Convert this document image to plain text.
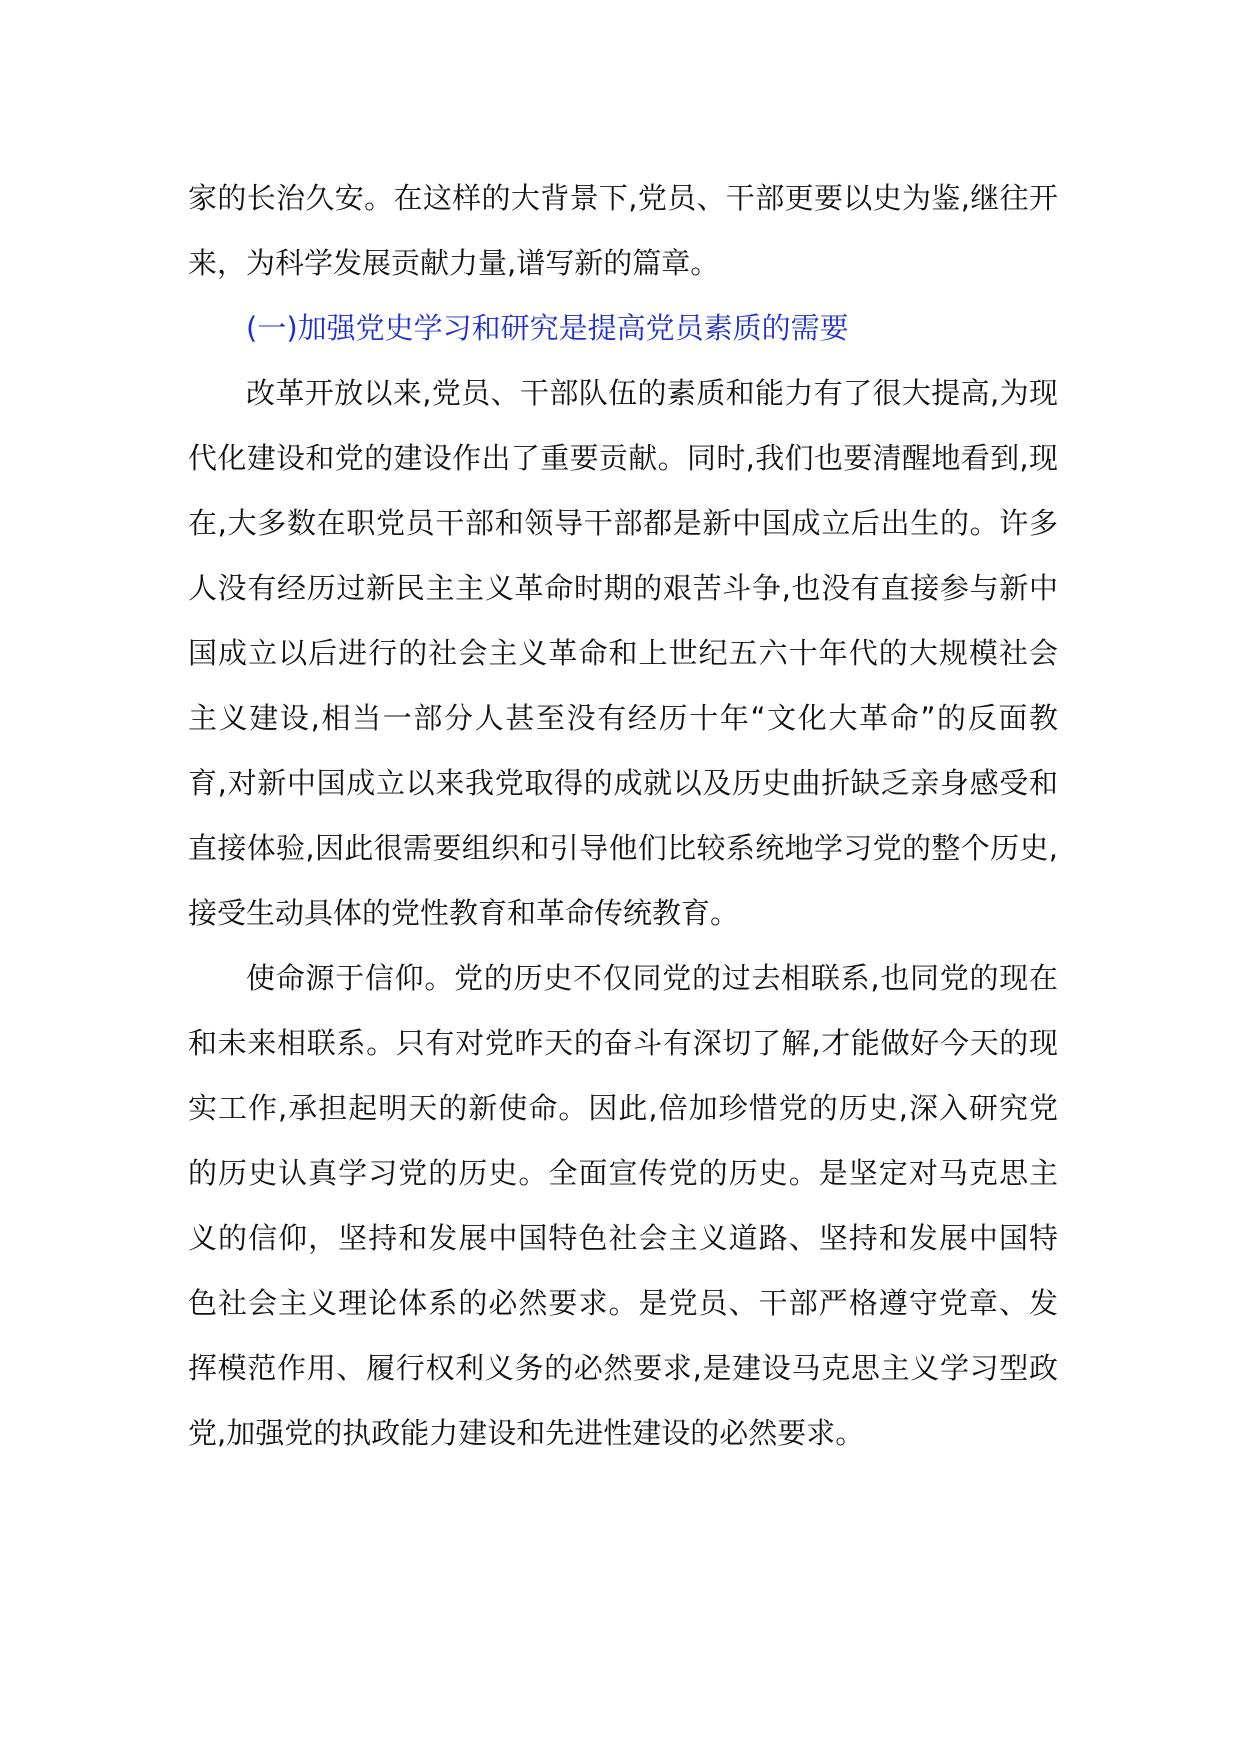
家的长治久安。在这样的大背景下,党员、干部更要以史为鉴,继往开
来，为科学发展贡献力量,谱写新的篇章。

(一)加强党史学习和研究是提高党员素质的需要

改革开放以来,党员、干部队伍的素质和能力有了很大提高,为现
代化建设和党的建设作出了重要贡献。同时,我们也要清醒地看到,现
在,大多数在职党员干部和领导干部都是新中国成立后出生的。许多
人没有经历过新民主主义革命时期的艰苦斗争,也没有直接参与新中
国成立以后进行的社会主义革命和上世纪五六十年代的大规模社会
主义建设,相当一部分人甚至没有经历十年“文化大革命”的反面教
育,对新中国成立以来我党取得的成就以及历史曲折缺乏亲身感受和
直接体验,因此很需要组织和引导他们比较系统地学习党的整个历史,
接受生动具体的党性教育和革命传统教育。

使命源于信仰。党的历史不仅同党的过去相联系,也同党的现在
和未来相联系。只有对党昨天的奋斗有深切了解,才能做好今天的现
实工作,承担起明天的新使命。因此,倍加珍惜党的历史,深入研究党
的历史认真学习党的历史。全面宣传党的历史。是坚定对马克思主
义的信仰，坚持和发展中国特色社会主义道路、坚持和发展中国特
色社会主义理论体系的必然要求。是党员、干部严格遵守党章、发
挥模范作用、履行权利义务的必然要求,是建设马克思主义学习型政
党,加强党的执政能力建设和先进性建设的必然要求。
